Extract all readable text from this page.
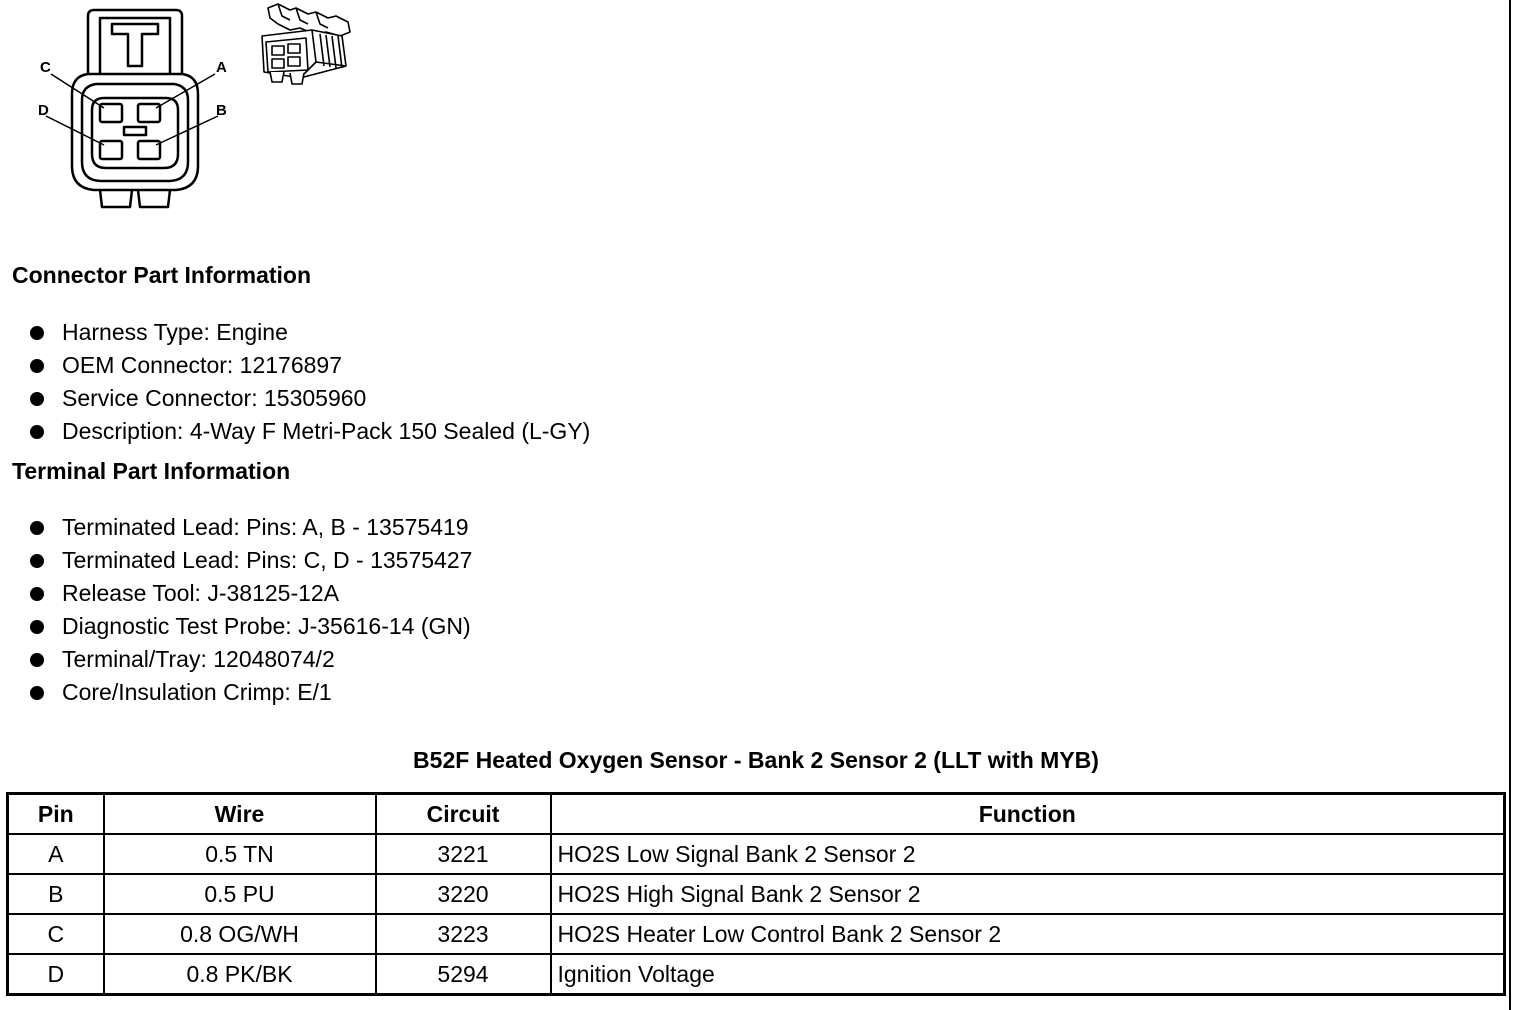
C	A
D	B
Connector Part Information
Harness Type: Engine
OEM Connector: 12176897
Service Connector: 15305960
Description: 4-Way F Metri-Pack 150 Sealed (L-GY)
Terminal Part Information
Terminated Lead: Pins: A, B - 13575419
Terminated Lead: Pins: C, D - 13575427
Release Tool: J-38125-12A
Diagnostic Test Probe: J-35616-14 (GN)
Terminal/Tray: 12048074/2
Core/Insulation Crimp: E/1
B52F Heated Oxygen Sensor - Bank 2 Sensor 2 (LLT with MYB)
Pin	Wire	Circuit	Function
A	0.5 TN	3221	HO2S Low Signal Bank 2 Sensor 2
B	0.5 PU	3220	HO2S High Signal Bank 2 Sensor 2
C	0.8 OG/WH	3223	HO2S Heater Low Control Bank 2 Sensor 2
D	0.8 PK/BK	5294	Ignition Voltage
